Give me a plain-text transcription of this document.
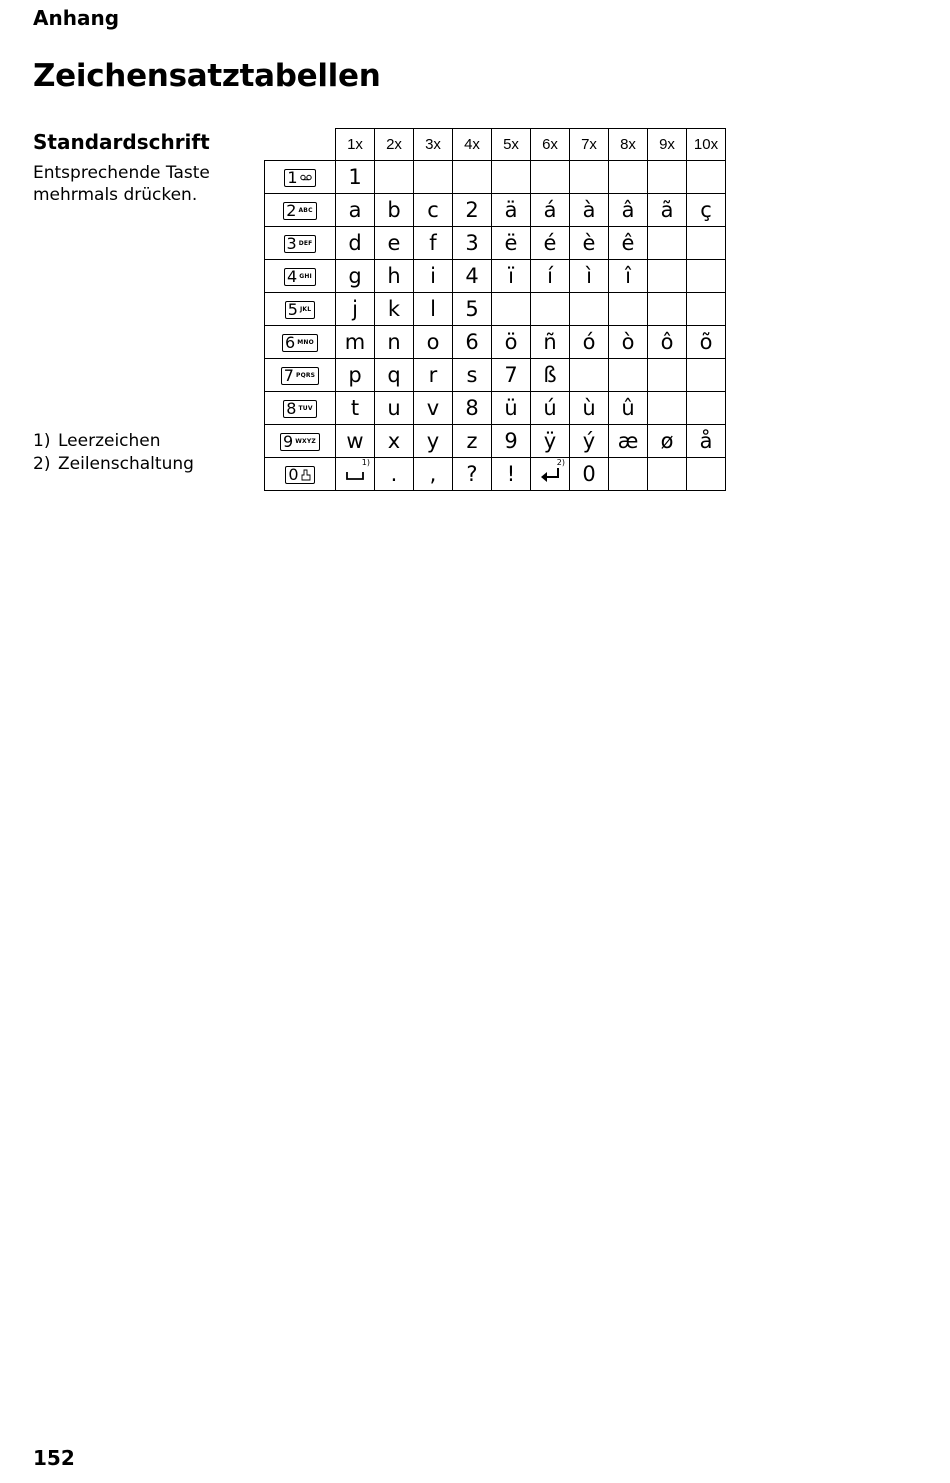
Anhang
Zeichensatztabellen
Standardschrift
Entsprechende Taste mehrmals drücken.
1) Leerzeichen
2) Zeilenschaltung
	1x	2x	3x	4x	5x	6x	7x	8x	9x	10x

1	1									

2 ABC	a	b	c	2	ä	á	à	â	ã	ç

3 DEF	d	e	f	3	ë	é	è	ê		

4 GHI	g	h	i	4	ï	í	ì	î		

5 JKL	j	k	l	5						

6 MNO	m	n	o	6	ö	ñ	ó	ò	ô	õ

7 PQRS	p	q	r	s	7	ß				

8 TUV	t	u	v	8	ü	ú	ù	û		

9 WXYZ	w	x	y	z	9	ÿ	ý	æ	ø	å

0	1)	.	,	?	!	2)	0			
152
